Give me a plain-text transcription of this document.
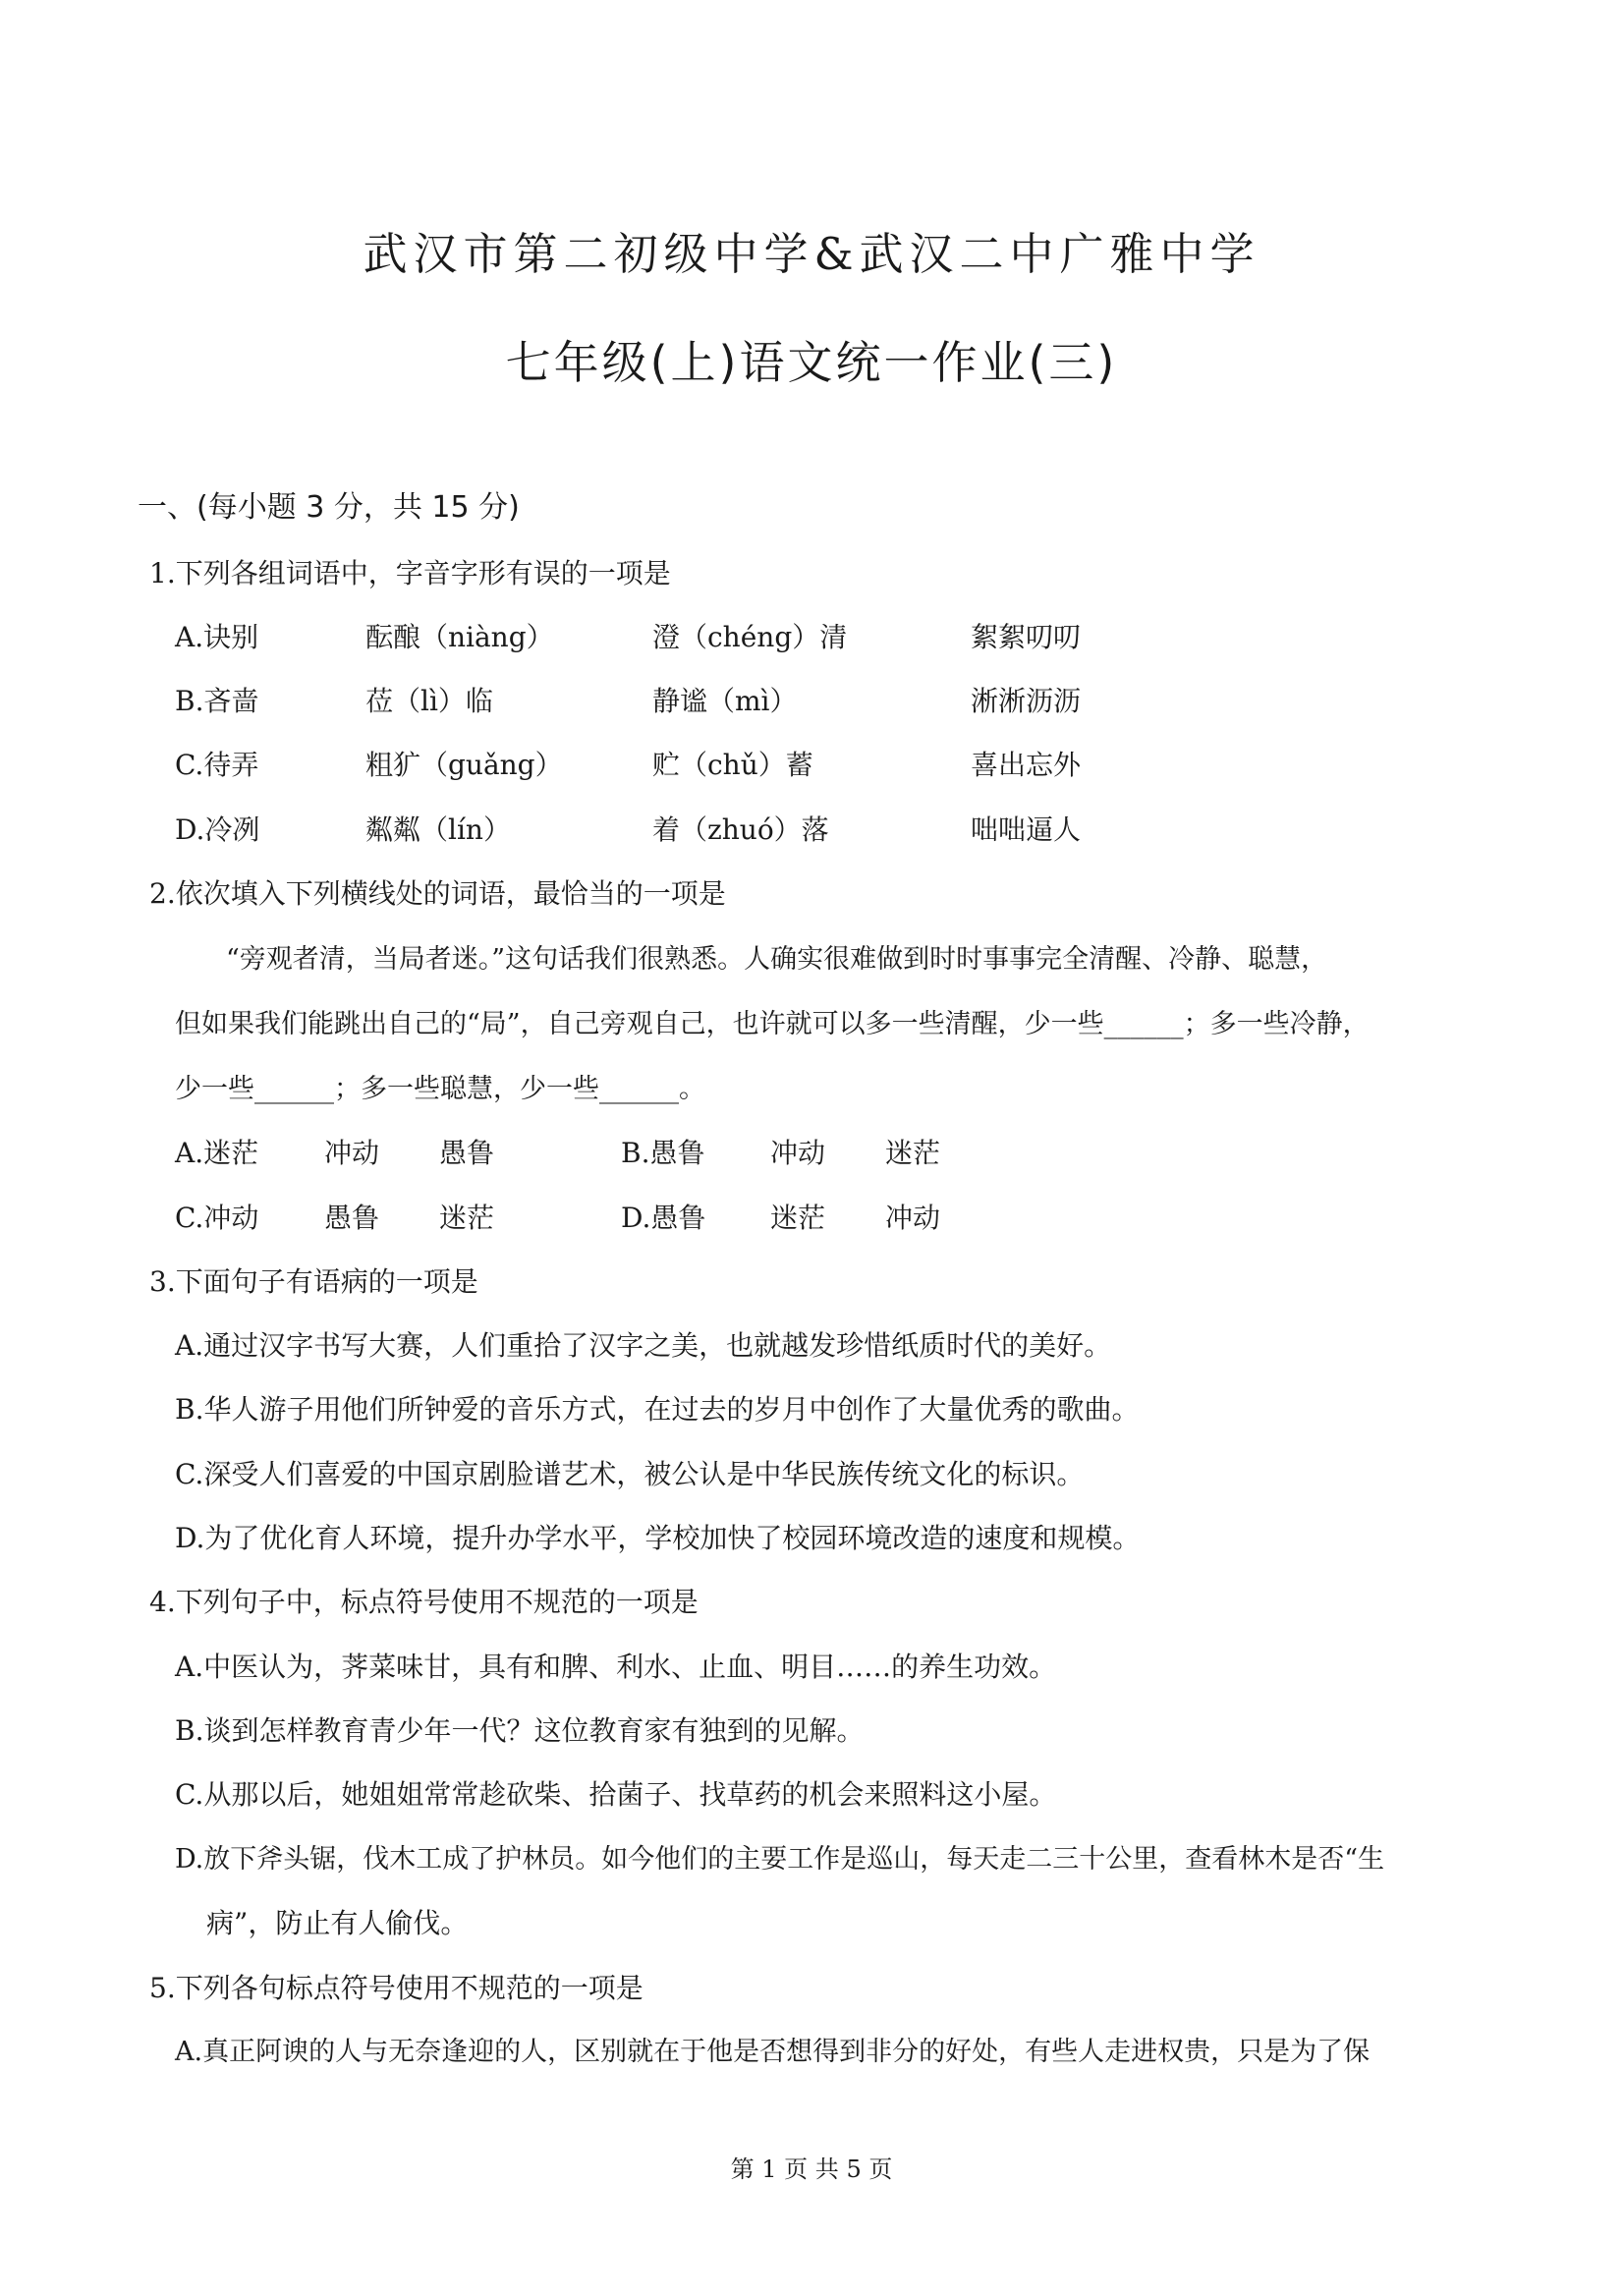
武汉市第二初级中学&武汉二中广雅中学
七年级(上)语文统一作业(三)
一、(每小题 3 分，共 15 分)
1.下列各组词语中，字音字形有误的一项是
A.诀别	酝酿（niàng）	澄（chéng）清	絮絮叨叨
B.吝啬	莅（lì）临	静谧（mì）	淅淅沥沥
C.待弄	粗犷（guǎng）	贮（chǔ）蓄	喜出忘外
D.冷冽	粼粼（lín）	着（zhuó）落	咄咄逼人
2.依次填入下列横线处的词语，最恰当的一项是
“旁观者清，当局者迷。”这句话我们很熟悉。人确实很难做到时时事事完全清醒、冷静、聪慧，
但如果我们能跳出自己的“局”，自己旁观自己，也许就可以多一些清醒，少一些______；多一些冷静，
少一些______；多一些聪慧，少一些______。
A.迷茫 冲动 愚鲁	B.愚鲁 冲动 迷茫
C.冲动 愚鲁 迷茫	D.愚鲁 迷茫 冲动
3.下面句子有语病的一项是
A.通过汉字书写大赛，人们重拾了汉字之美，也就越发珍惜纸质时代的美好。
B.华人游子用他们所钟爱的音乐方式，在过去的岁月中创作了大量优秀的歌曲。
C.深受人们喜爱的中国京剧脸谱艺术，被公认是中华民族传统文化的标识。
D.为了优化育人环境，提升办学水平，学校加快了校园环境改造的速度和规模。
4.下列句子中，标点符号使用不规范的一项是
A.中医认为，荠菜味甘，具有和脾、利水、止血、明目……的养生功效。
B.谈到怎样教育青少年一代？这位教育家有独到的见解。
C.从那以后，她姐姐常常趁砍柴、拾菌子、找草药的机会来照料这小屋。
D.放下斧头锯，伐木工成了护林员。如今他们的主要工作是巡山，每天走二三十公里，查看林木是否“生
病”，防止有人偷伐。
5.下列各句标点符号使用不规范的一项是
A.真正阿谀的人与无奈逢迎的人，区别就在于他是否想得到非分的好处，有些人走进权贵，只是为了保
第 1 页 共 5 页
